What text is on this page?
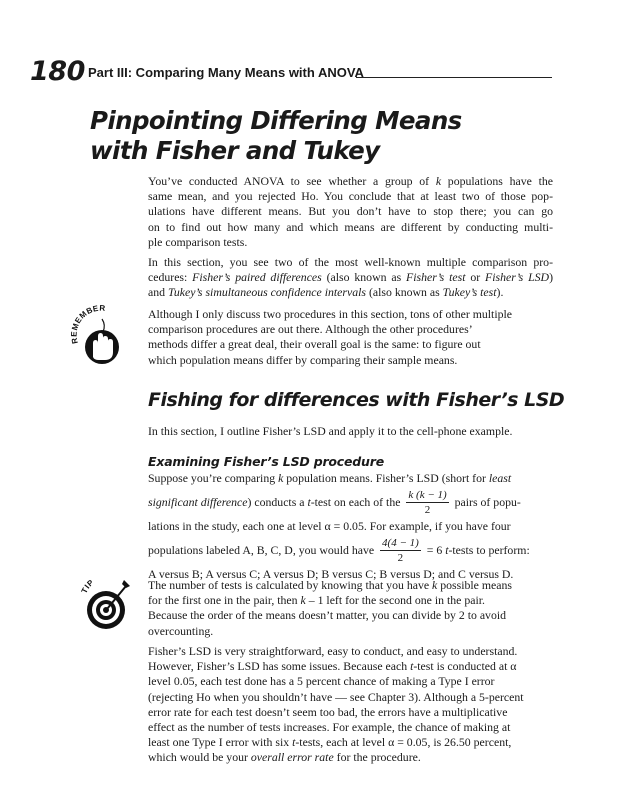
180 Part III: Comparing Many Means with ANOVA
Pinpointing Differing Means
with Fisher and Tukey
You’ve conducted ANOVA to see whether a group of k populations have the
same mean, and you rejected Ho. You conclude that at least two of those pop-
ulations have different means. But you don’t have to stop there; you can go
on to find out how many and which means are different by conducting multi-
ple comparison tests.
In this section, you see two of the most well-known multiple comparison pro-
cedures: Fisher’s paired differences (also known as Fisher’s test or Fisher’s LSD)
and Tukey’s simultaneous confidence intervals (also known as Tukey’s test).
REMEMBER	Although I only discuss two procedures in this section, tons of other multiple
comparison procedures are out there. Although the other procedures’
methods differ a great deal, their overall goal is the same: to figure out
which population means differ by comparing their sample means.
Fishing for differences with Fisher’s LSD
In this section, I outline Fisher’s LSD and apply it to the cell-phone example.
Examining Fisher’s LSD procedure
Suppose you’re comparing k population means. Fisher’s LSD (short for least
significant difference) conducts a t-test on each of the $\frac{k (k - 1)}{2}$ pairs of popu-
lations in the study, each one at level α = 0.05. For example, if you have four
populations labeled A, B, C, D, you would have $\frac{4(4 - 1)}{2} = 6$ t-tests to perform:
A versus B; A versus C; A versus D; B versus C; B versus D; and C versus D.
TIP	The number of tests is calculated by knowing that you have k possible means
for the first one in the pair, then k – 1 left for the second one in the pair.
Because the order of the means doesn’t matter, you can divide by 2 to avoid
overcounting.
Fisher’s LSD is very straightforward, easy to conduct, and easy to understand.
However, Fisher’s LSD has some issues. Because each t-test is conducted at α
level 0.05, each test done has a 5 percent chance of making a Type I error
(rejecting Ho when you shouldn’t have — see Chapter 3). Although a 5-percent
error rate for each test doesn’t seem too bad, the errors have a multiplicative
effect as the number of tests increases. For example, the chance of making at
least one Type I error with six t-tests, each at level α = 0.05, is 26.50 percent,
which would be your overall error rate for the procedure.
